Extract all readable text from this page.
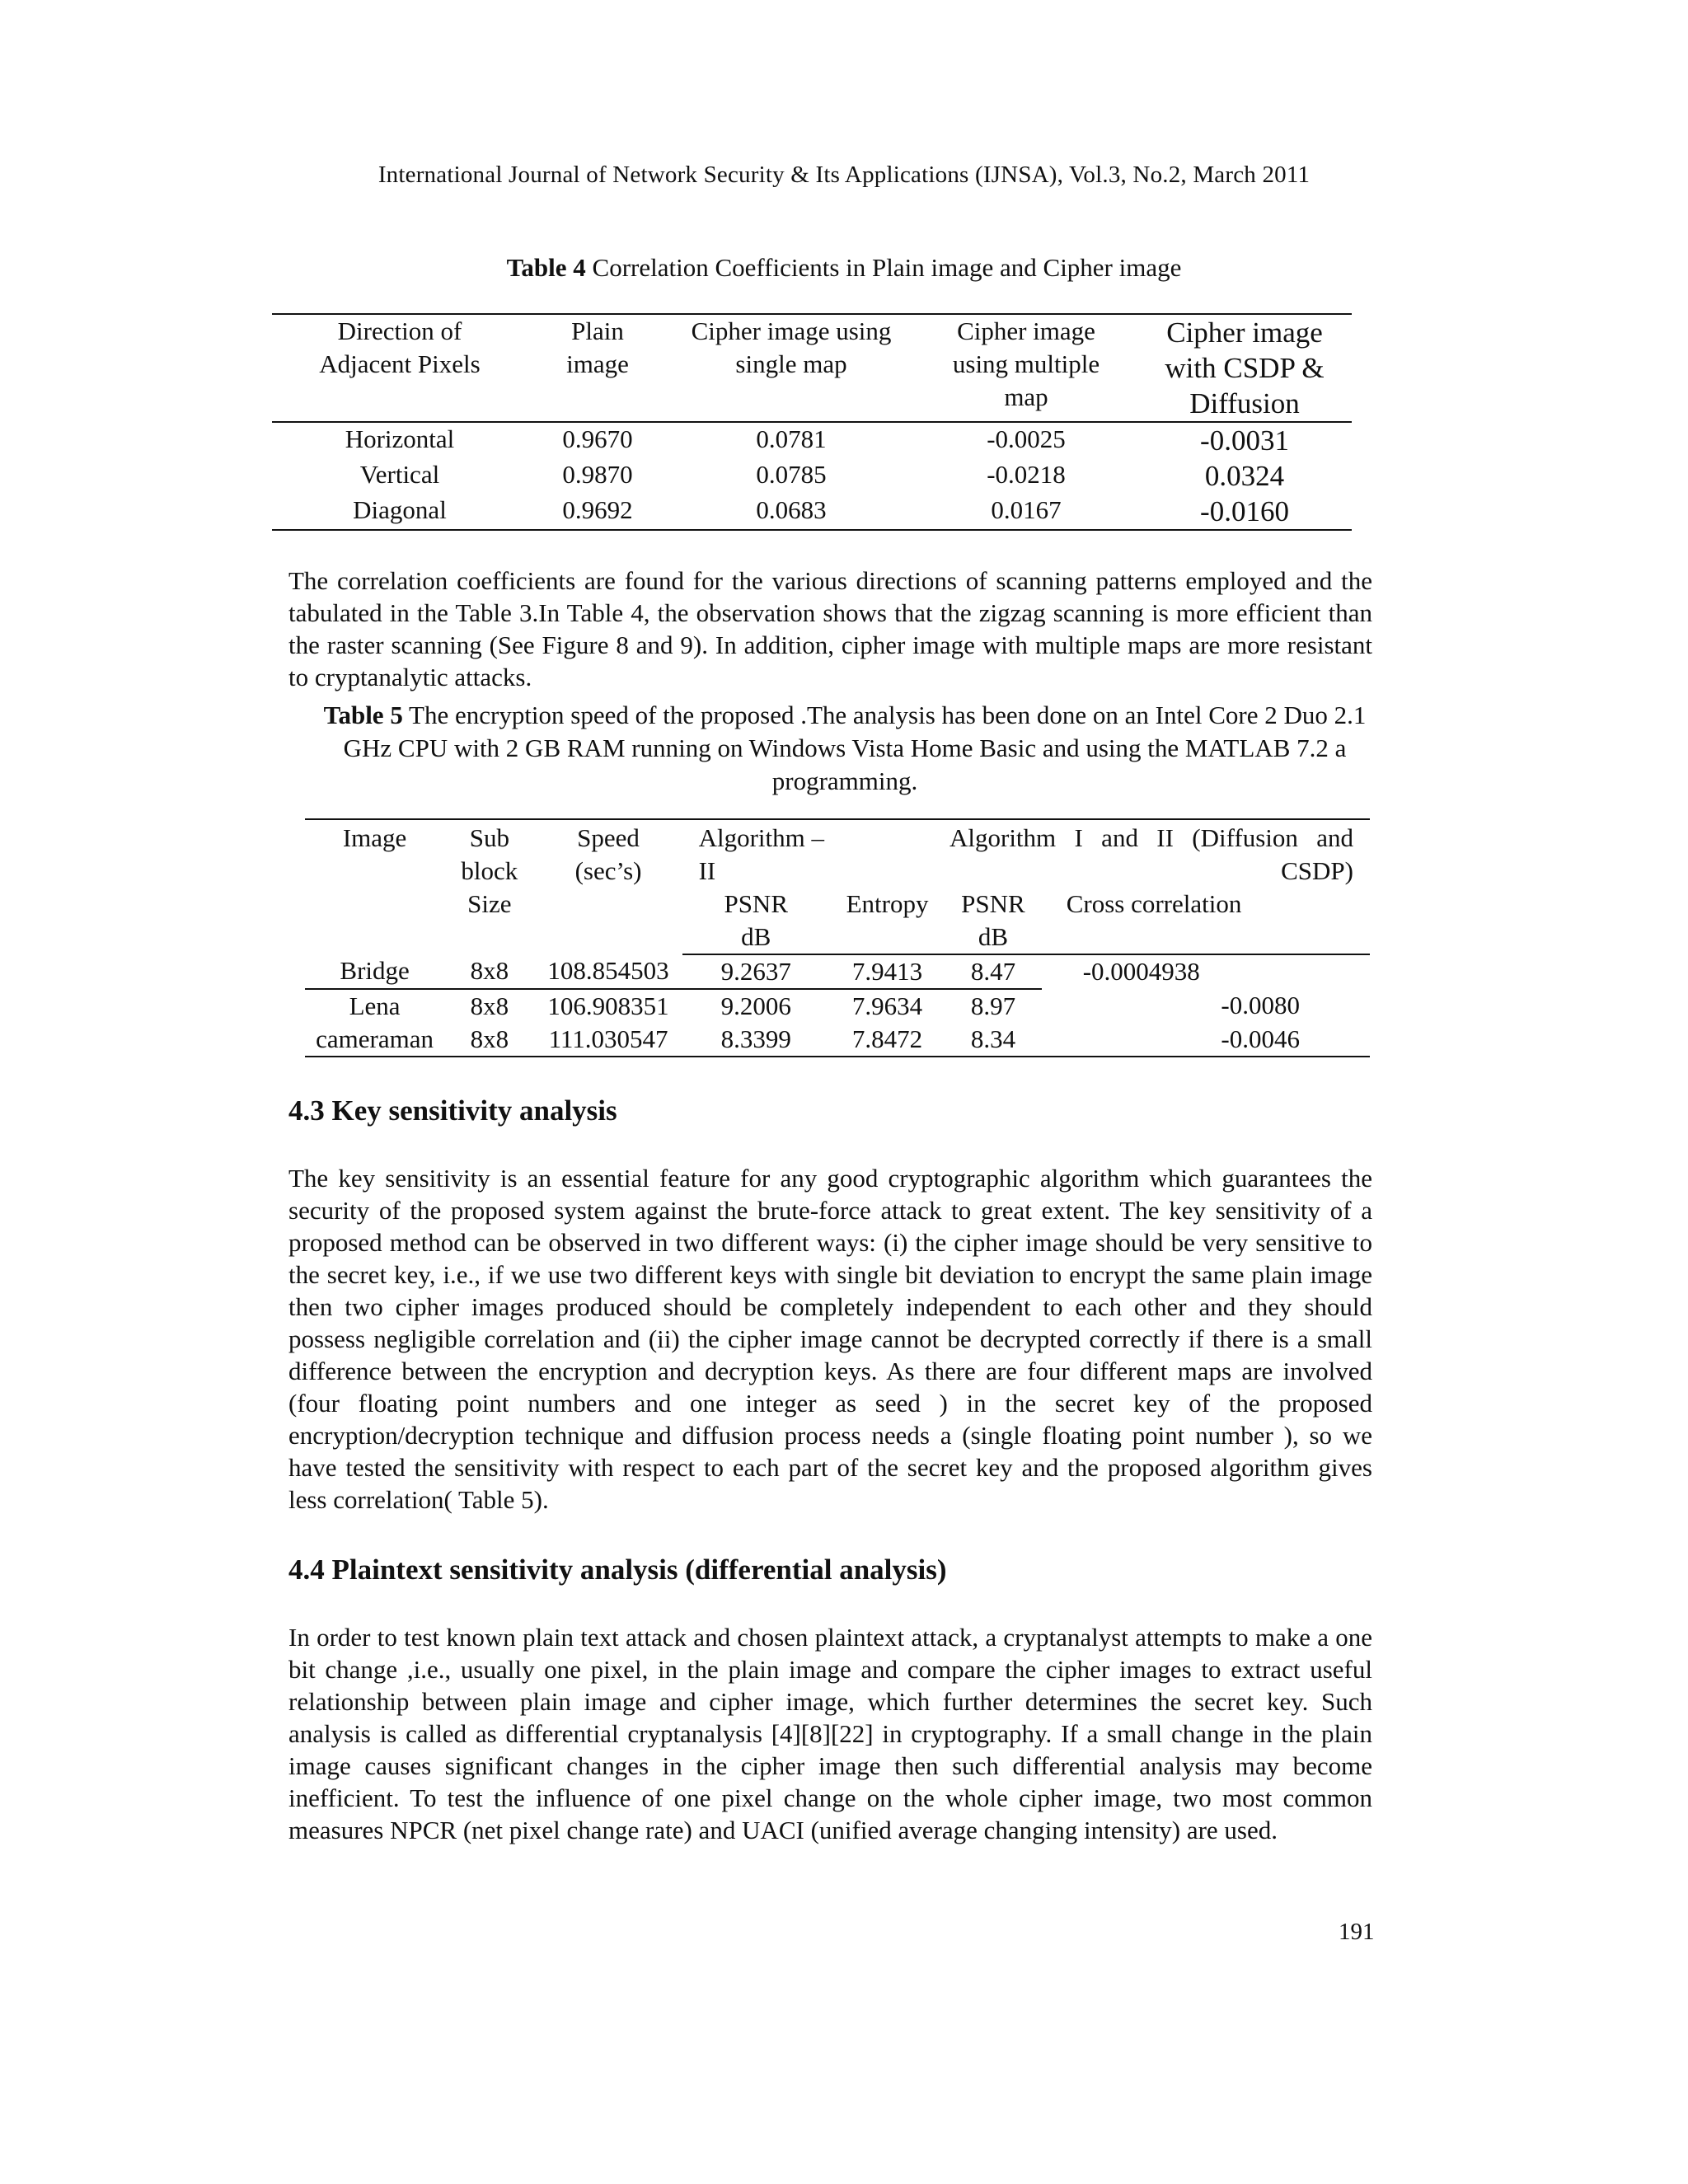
International Journal of Network Security & Its Applications (IJNSA), Vol.3, No.2, March 2011
Table 4 Correlation Coefficients in Plain image and Cipher image
Direction of Adjacent Pixels	Plain image	Cipher image using single map	Cipher image using multiple map	Cipher image with CSDP & Diffusion
Horizontal	0.9670	0.0781	-0.0025	-0.0031
Vertical	0.9870	0.0785	-0.0218	0.0324
Diagonal	0.9692	0.0683	0.0167	-0.0160
The correlation coefficients are found for the various directions of scanning patterns employed and the tabulated in the Table 3.In Table 4, the observation shows that the zigzag scanning is more efficient than the raster scanning (See Figure 8 and 9). In addition, cipher image with multiple maps are more resistant to cryptanalytic attacks.
Table 5 The encryption speed of the proposed .The analysis has been done on an Intel Core 2 Duo 2.1 GHz CPU with 2 GB RAM running on Windows Vista Home Basic and using the MATLAB 7.2 a programming.
Image	Sub block Size	Speed (sec’s)	Algorithm –II	Algorithm I and II (Diffusion and CSDP)		

			PSNR dB	Entropy	PSNR dB	Cross correlation
Bridge	8x8	108.854503	9.2637	7.9413	8.47	-0.0004938
Lena	8x8	106.908351	9.2006	7.9634	8.97	-0.0080
cameraman	8x8	111.030547	8.3399	7.8472	8.34	-0.0046
4.3 Key sensitivity analysis
The key sensitivity is an essential feature for any good cryptographic algorithm which guarantees the security of the proposed system against the brute-force attack to great extent. The key sensitivity of a proposed method can be observed in two different ways: (i) the cipher image should be very sensitive to the secret key, i.e., if we use two different keys with single bit deviation to encrypt the same plain image then two cipher images produced should be completely independent to each other and they should possess negligible correlation and (ii) the cipher image cannot be decrypted correctly if there is a small difference between the encryption and decryption keys. As there are four different maps are involved (four floating point numbers and one integer as seed ) in the secret key of the proposed encryption/decryption technique and diffusion process needs a (single floating point number ), so we have tested the sensitivity with respect to each part of the secret key and the proposed algorithm gives less correlation( Table 5).
4.4 Plaintext sensitivity analysis (differential analysis)
In order to test known plain text attack and chosen plaintext attack, a cryptanalyst attempts to make a one bit change ,i.e., usually one pixel, in the plain image and compare the cipher images to extract useful relationship between plain image and cipher image, which further determines the secret key. Such analysis is called as differential cryptanalysis [4][8][22] in cryptography. If a small change in the plain image causes significant changes in the cipher image then such differential analysis may become inefficient. To test the influence of one pixel change on the whole cipher image, two most common measures NPCR (net pixel change rate) and UACI (unified average changing intensity) are used.
191
